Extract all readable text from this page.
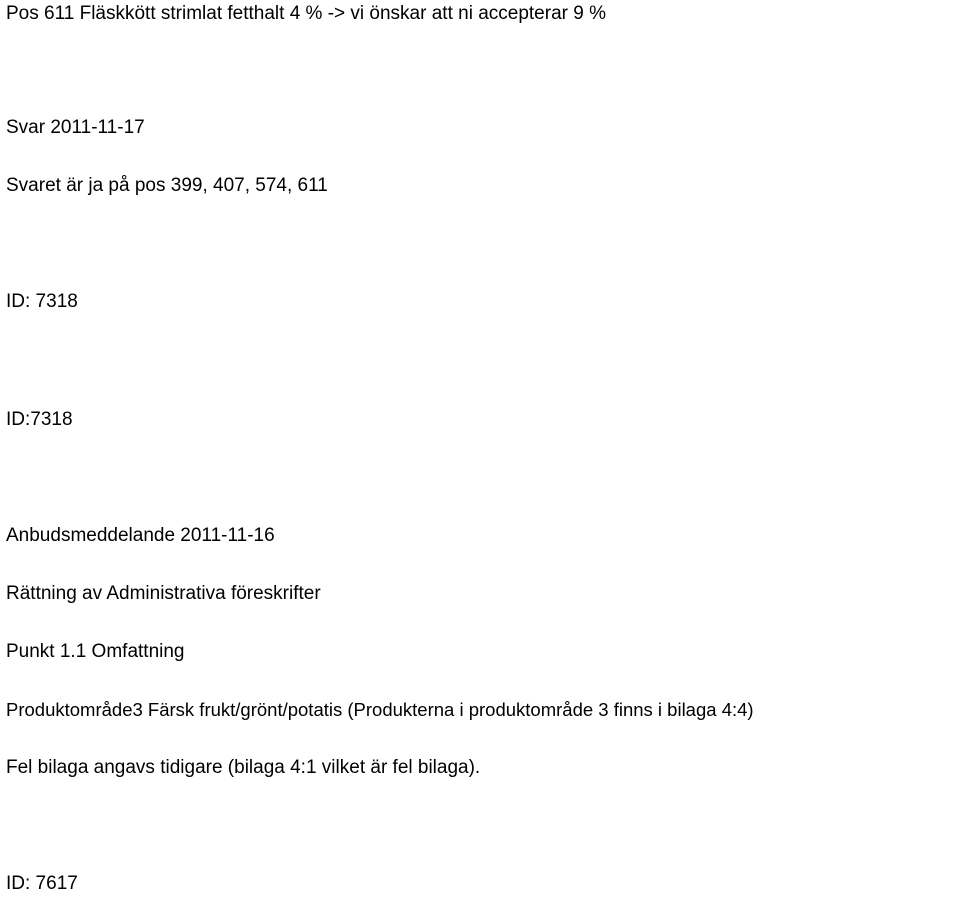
Pos 611 Fläskkött strimlat fetthalt 4 % -> vi önskar att ni accepterar 9 %
Svar 2011-11-17
Svaret är ja på pos 399, 407, 574, 611
ID: 7318
ID:7318
Anbudsmeddelande 2011-11-16
Rättning av Administrativa föreskrifter
Punkt 1.1 Omfattning
Produktområde3 Färsk frukt/grönt/potatis (Produkterna i produktområde 3 finns i bilaga 4:4)
Fel bilaga angavs tidigare (bilaga 4:1 vilket är fel bilaga).
ID: 7617
